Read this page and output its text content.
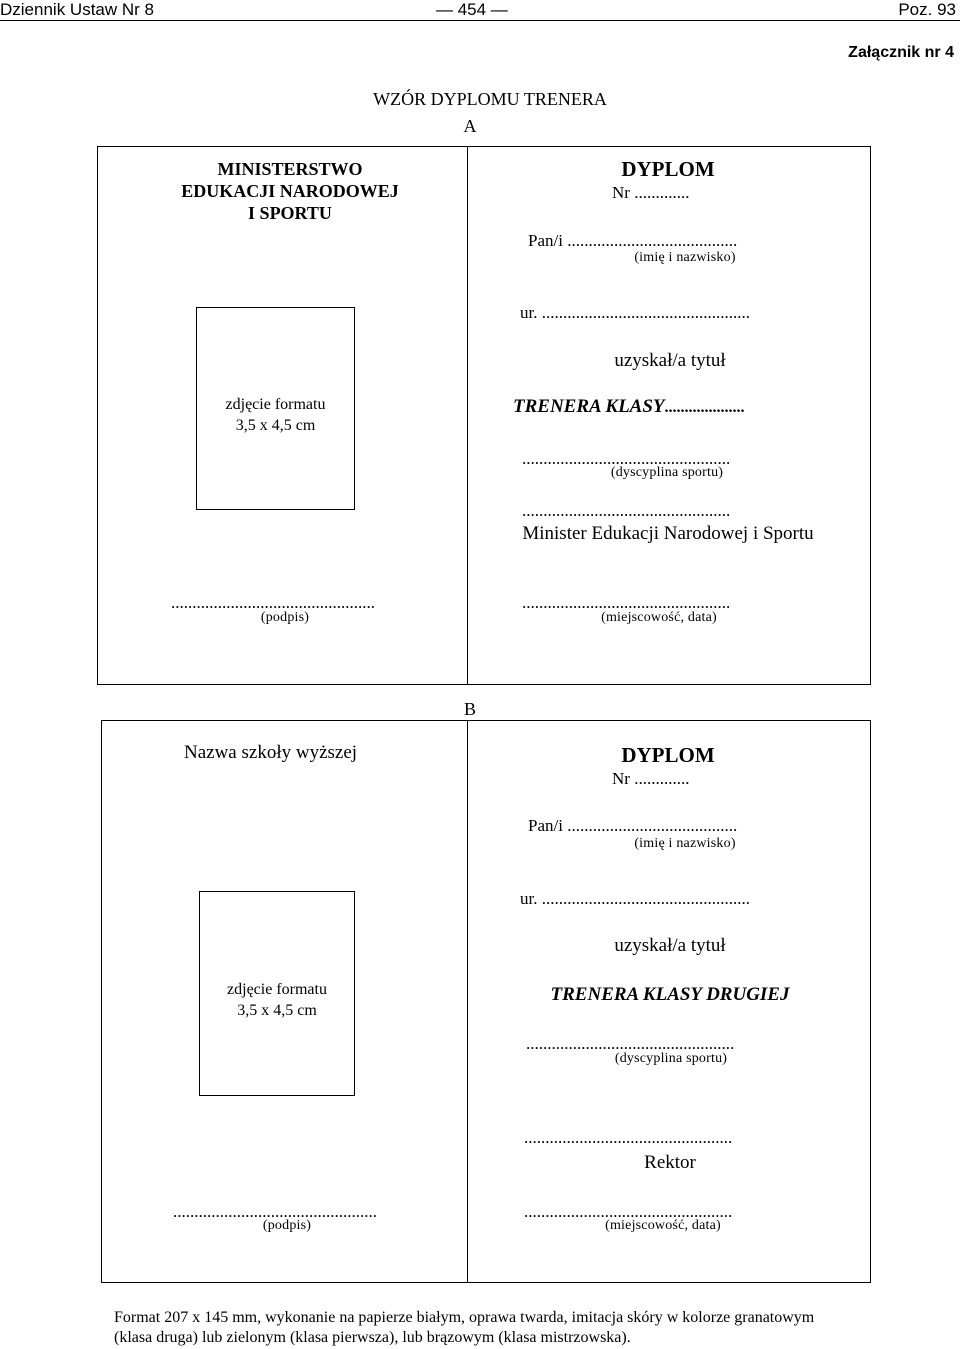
Dziennik Ustaw Nr 8	— 454 —	Poz. 93
Załącznik nr 4
WZÓR DYPLOMU TRENERA
A
MINISTERSTWO
EDUKACJI NARODOWEJ
I SPORTU
zdjęcie formatu
3,5 x 4,5 cm
DYPLOM
Nr .............
Pan/i ........................................
(imię i nazwisko)
ur. .................................................
uzyskał/a tytuł
TRENERA KLASY....................
.................................................
(dyscyplina sportu)
.................................................
Minister Edukacji Narodowej i Sportu
................................................
(podpis)
.................................................
(miejscowość, data)
B
Nazwa szkoły wyższej
zdjęcie formatu
3,5 x 4,5 cm
DYPLOM
Nr .............
Pan/i ........................................
(imię i nazwisko)
ur. .................................................
uzyskał/a tytuł
TRENERA KLASY DRUGIEJ
.................................................
(dyscyplina sportu)
.................................................
Rektor
................................................
(podpis)
.................................................
(miejscowość, data)
Format 207 x 145 mm, wykonanie na papierze białym, oprawa twarda, imitacja skóry w kolorze granatowym
(klasa druga) lub zielonym (klasa pierwsza), lub brązowym (klasa mistrzowska).
